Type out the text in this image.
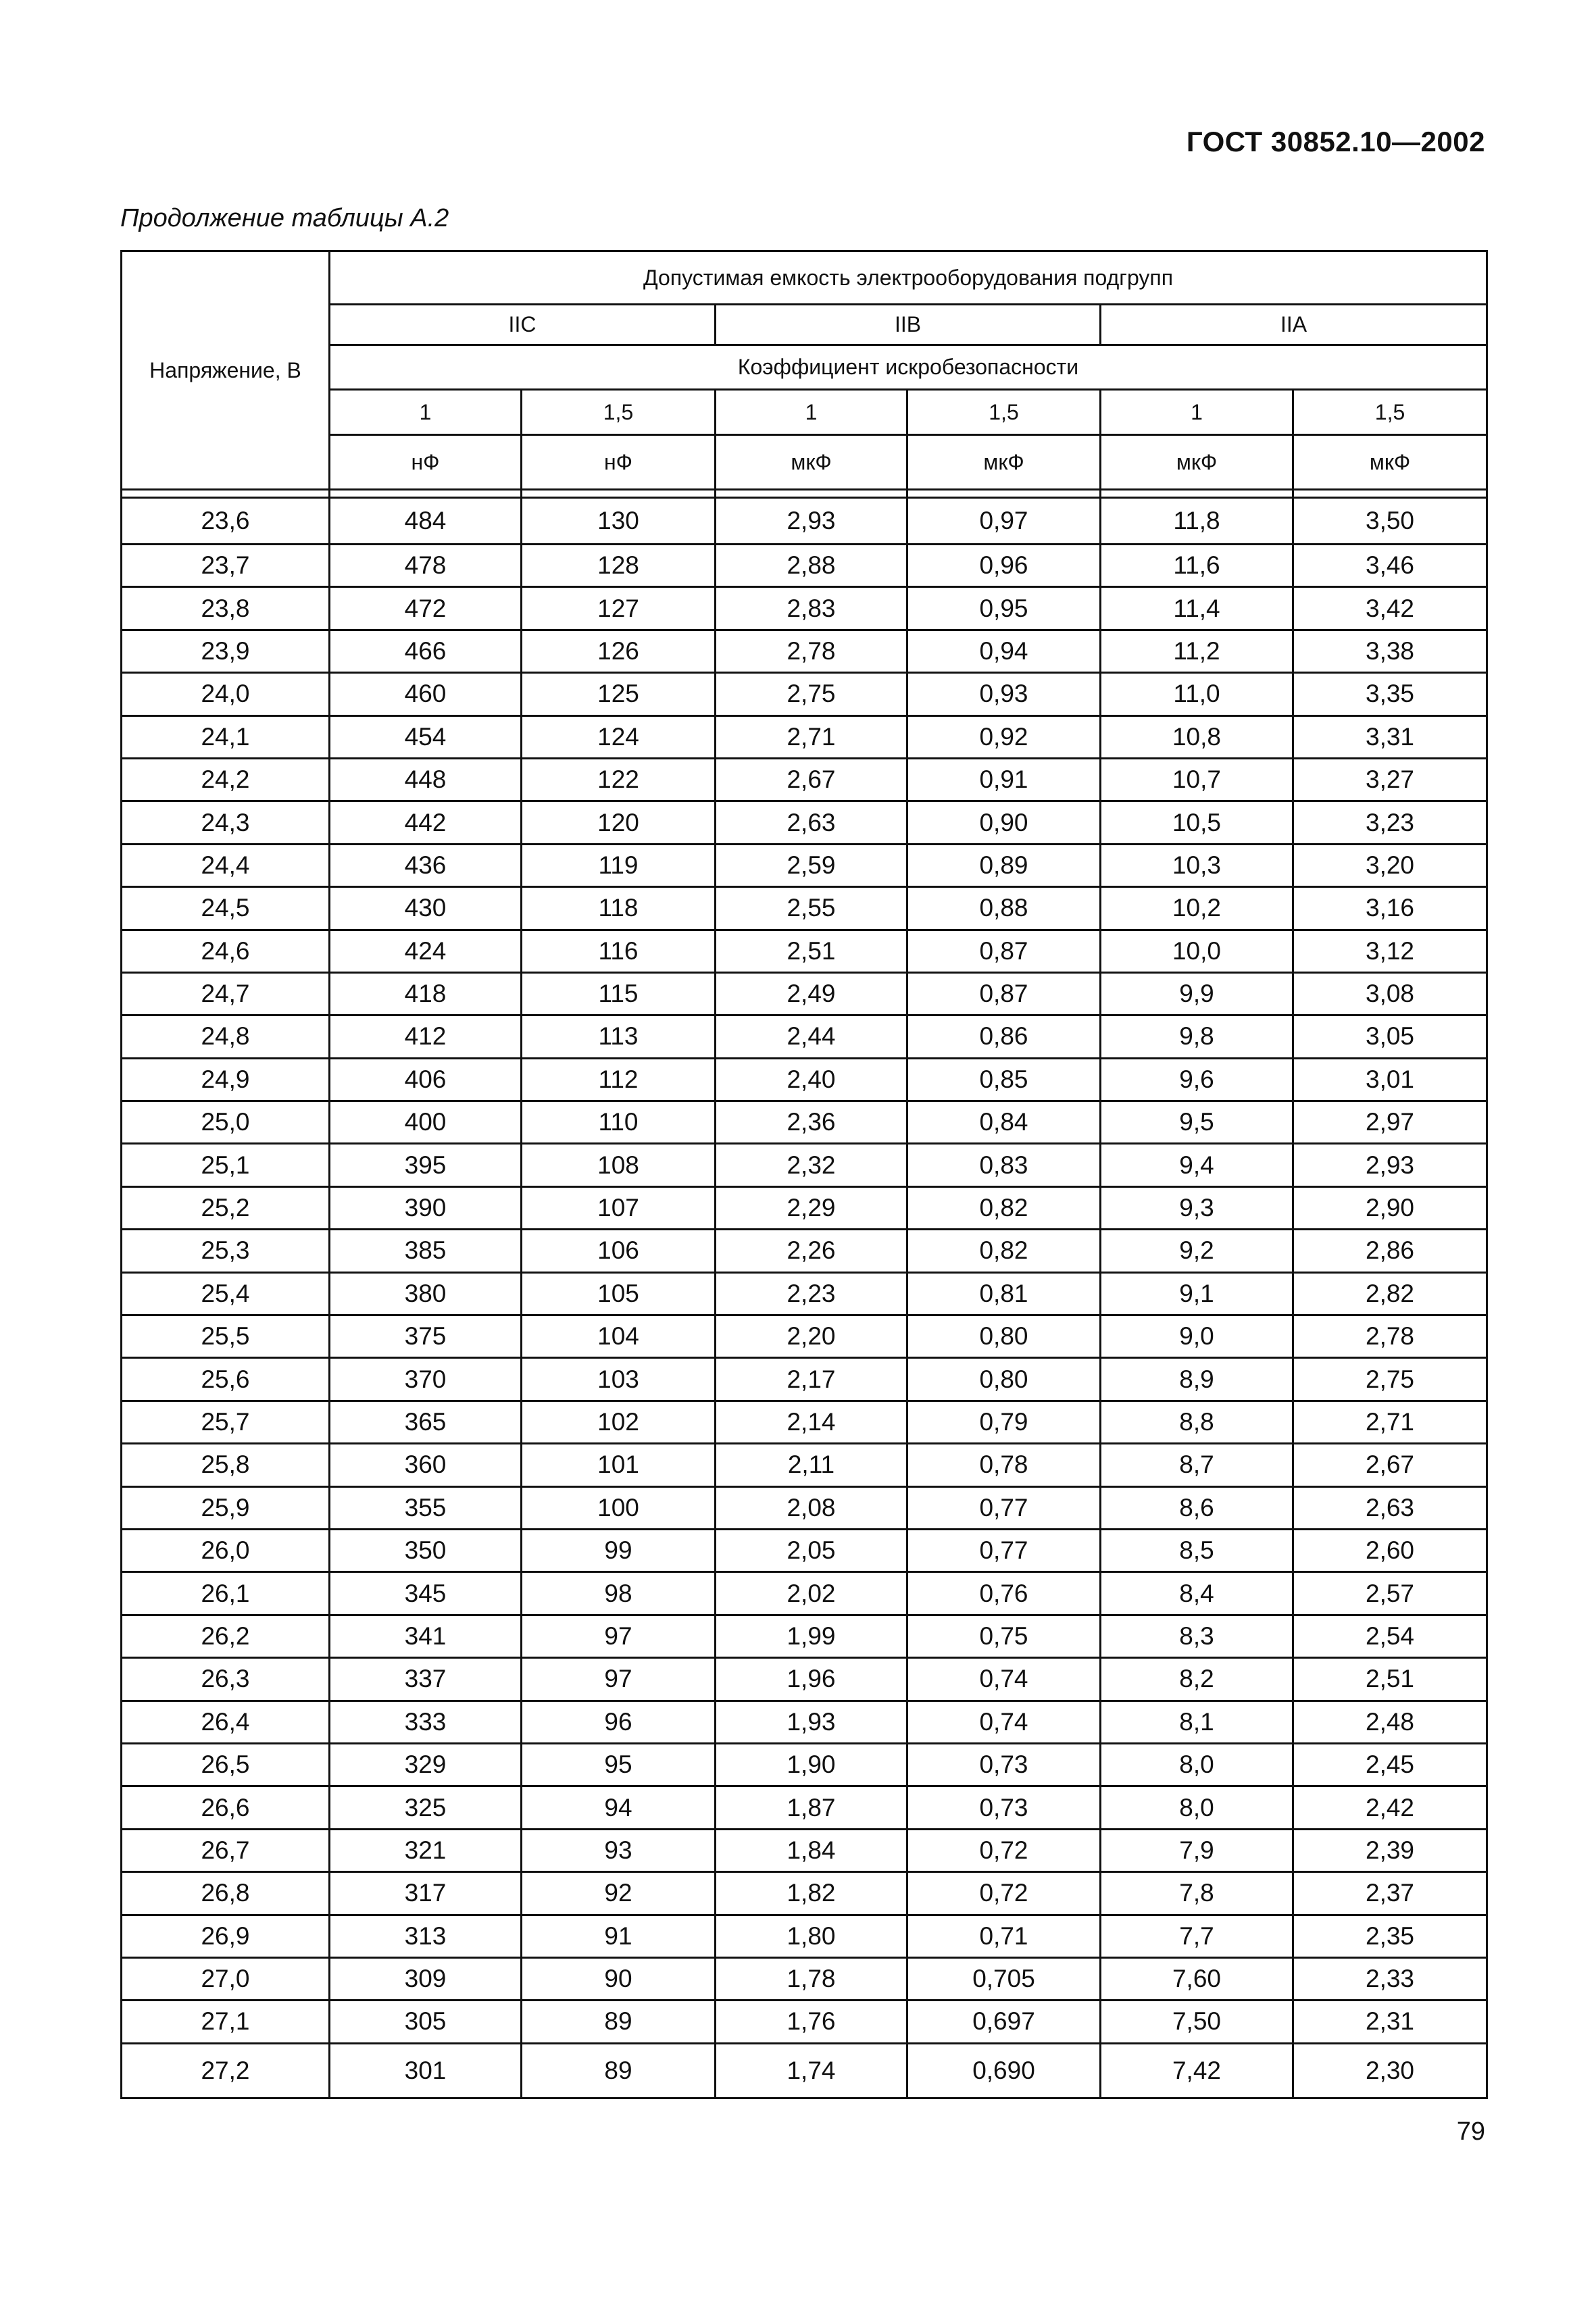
ГОСТ 30852.10—2002
Продолжение таблицы А.2
Напряжение, В	Допустимая емкость электрооборудования подгрупп					
	IIC		IIB		IIA	
	Коэффициент искробезопасности					
	1	1,5	1	1,5	1	1,5
	нФ	нФ	мкФ	мкФ	мкФ	мкФ

23,6	484	130	2,93	0,97	11,8	3,50
23,7	478	128	2,88	0,96	11,6	3,46
23,8	472	127	2,83	0,95	11,4	3,42
23,9	466	126	2,78	0,94	11,2	3,38
24,0	460	125	2,75	0,93	11,0	3,35
24,1	454	124	2,71	0,92	10,8	3,31
24,2	448	122	2,67	0,91	10,7	3,27
24,3	442	120	2,63	0,90	10,5	3,23
24,4	436	119	2,59	0,89	10,3	3,20
24,5	430	118	2,55	0,88	10,2	3,16
24,6	424	116	2,51	0,87	10,0	3,12
24,7	418	115	2,49	0,87	9,9	3,08
24,8	412	113	2,44	0,86	9,8	3,05
24,9	406	112	2,40	0,85	9,6	3,01
25,0	400	110	2,36	0,84	9,5	2,97
25,1	395	108	2,32	0,83	9,4	2,93
25,2	390	107	2,29	0,82	9,3	2,90
25,3	385	106	2,26	0,82	9,2	2,86
25,4	380	105	2,23	0,81	9,1	2,82
25,5	375	104	2,20	0,80	9,0	2,78
25,6	370	103	2,17	0,80	8,9	2,75
25,7	365	102	2,14	0,79	8,8	2,71
25,8	360	101	2,11	0,78	8,7	2,67
25,9	355	100	2,08	0,77	8,6	2,63
26,0	350	99	2,05	0,77	8,5	2,60
26,1	345	98	2,02	0,76	8,4	2,57
26,2	341	97	1,99	0,75	8,3	2,54
26,3	337	97	1,96	0,74	8,2	2,51
26,4	333	96	1,93	0,74	8,1	2,48
26,5	329	95	1,90	0,73	8,0	2,45
26,6	325	94	1,87	0,73	8,0	2,42
26,7	321	93	1,84	0,72	7,9	2,39
26,8	317	92	1,82	0,72	7,8	2,37
26,9	313	91	1,80	0,71	7,7	2,35
27,0	309	90	1,78	0,705	7,60	2,33
27,1	305	89	1,76	0,697	7,50	2,31
27,2	301	89	1,74	0,690	7,42	2,30
79
